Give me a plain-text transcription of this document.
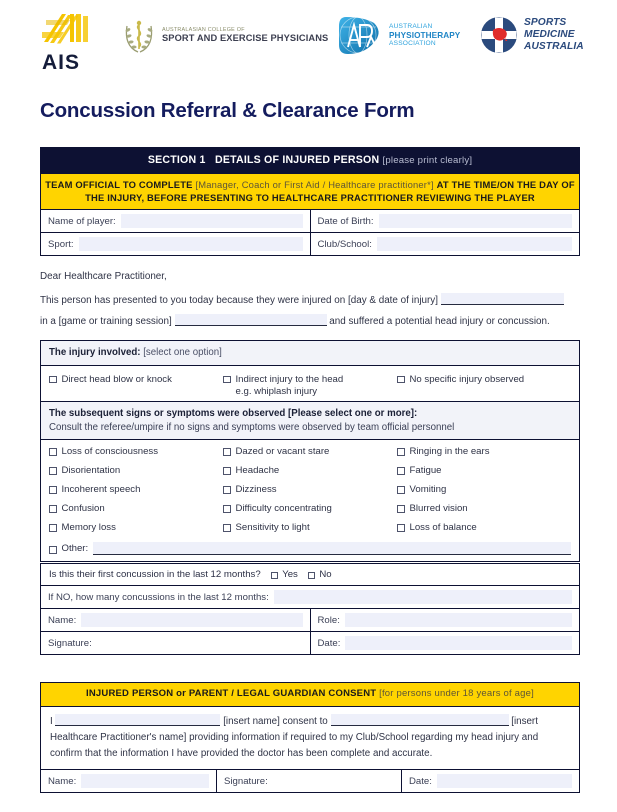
AIS
AUSTRALASIAN COLLEGE OF
SPORT AND EXERCISE PHYSICIANS
AUSTRALIAN
PHYSIOTHERAPY
ASSOCIATION
SPORTS
MEDICINE
AUSTRALIA
Concussion Referral & Clearance Form
SECTION 1 DETAILS OF INJURED PERSON [please print clearly]
TEAM OFFICIAL TO COMPLETE [Manager, Coach or First Aid / Healthcare practitioner*] AT THE TIME/ON THE DAY OF THE INJURY, BEFORE PRESENTING TO HEALTHCARE PRACTITIONER REVIEWING THE PLAYER
Name of player:	Date of Birth:
Sport:	Club/School:
Dear Healthcare Practitioner,
This person has presented to you today because they were injured on [day & date of injury]
in a [game or training session]	and suffered a potential head injury or concussion.
The injury involved: [select one option]
Direct head blow or knock	Indirect injury to the head
e.g. whiplash injury
No specific injury observed
The subsequent signs or symptoms were observed [Please select one or more]:
Consult the referee/umpire if no signs and symptoms were observed by team official personnel
Loss of consciousness	Dazed or vacant stare	Ringing in the ears
Disorientation	Headache	Fatigue
Incoherent speech	Dizziness	Vomiting
Confusion	Difficulty concentrating	Blurred vision
Memory loss	Sensitivity to light	Loss of balance
Other:
Is this their first concussion in the last 12 months? Yes No
If NO, how many concussions in the last 12 months:
Name:	Role:
Signature:	Date:
INJURED PERSON or PARENT / LEGAL GUARDIAN CONSENT [for persons under 18 years of age]
I	[insert name] consent to	[insert Healthcare Practitioner's name] providing information if required to my Club/School regarding my head injury and confirm that the information I have provided the doctor has been complete and accurate.
Name:	Signature:	Date:
